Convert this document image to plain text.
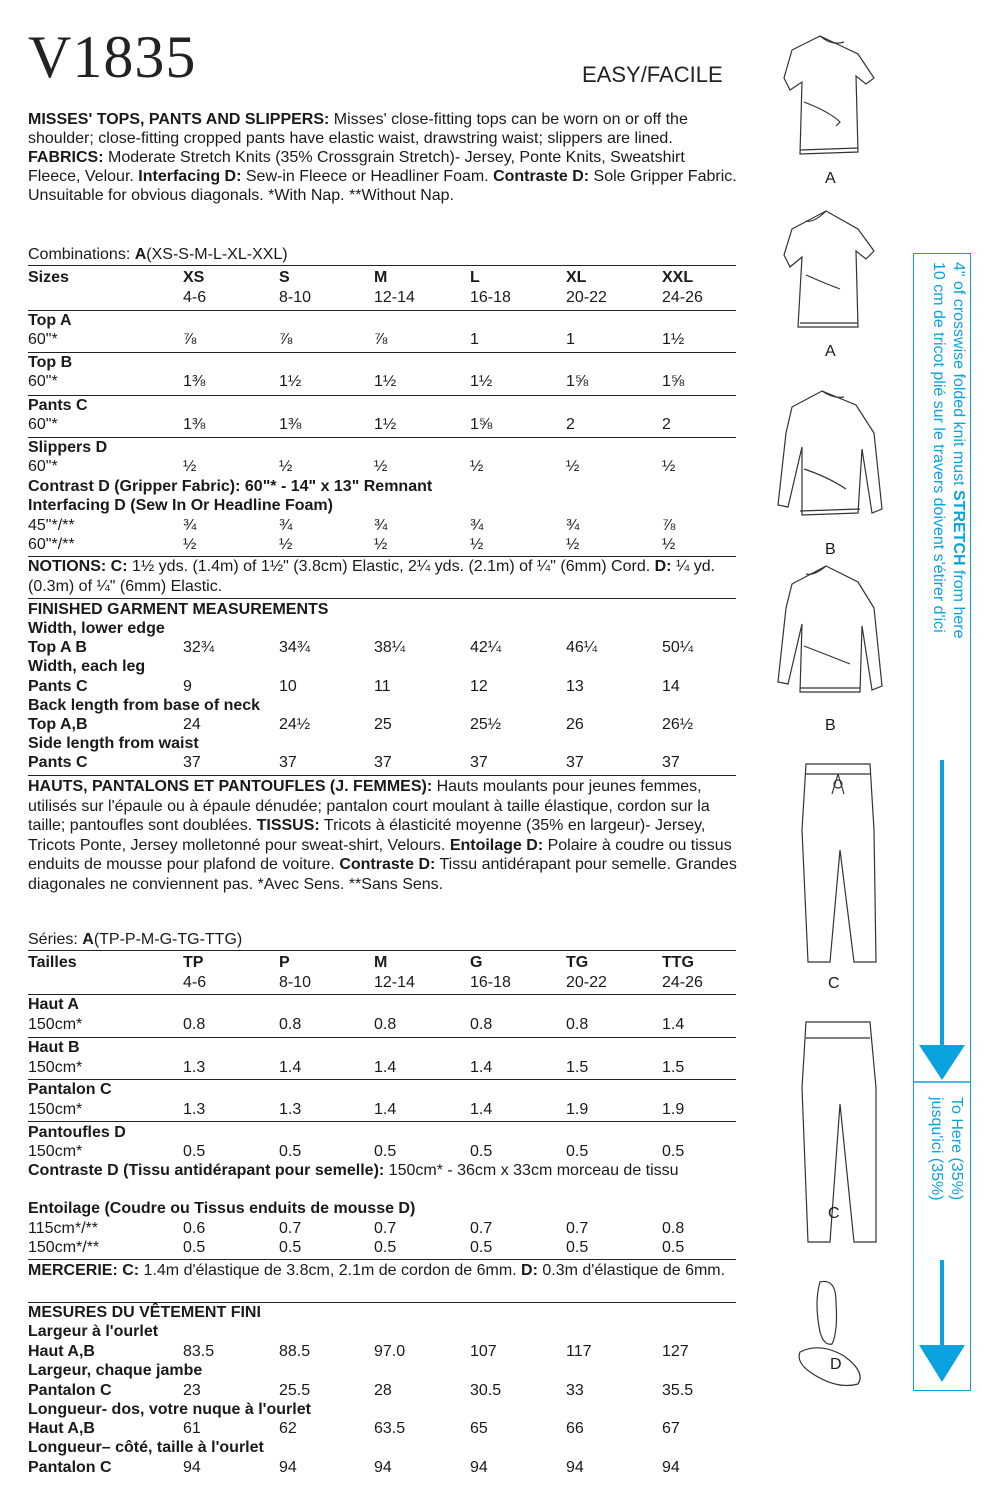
V1835	EASY/FACILE
MISSES' TOPS, PANTS AND SLIPPERS: Misses' close-fitting tops can be worn on or off the shoulder; close-fitting cropped pants have elastic waist, drawstring waist; slippers are lined. FABRICS: Moderate Stretch Knits (35% Crossgrain Stretch)- Jersey, Ponte Knits, Sweatshirt Fleece, Velour. Interfacing D: Sew-in Fleece or Headliner Foam. Contraste D: Sole Gripper Fabric. Unsuitable for obvious diagonals. *With Nap. **Without Nap.
Combinations: A(XS-S-M-L-XL-XXL)
Sizes	XS	S	M	L	XL	XXL
4-6	8-10	12-14	16-18	20-22	24-26
Top A
60"*	⅞	⅞	⅞	1	1	1½
Top B
60"*	1⅜	1½	1½	1½	1⅝	1⅝
Pants C
60"*	1⅜	1⅜	1½	1⅝	2	2
Slippers D
60"*	½	½	½	½	½	½
Contrast D (Gripper Fabric): 60"* - 14" x 13" Remnant
Interfacing D (Sew In Or Headline Foam)
45"*/**	¾	¾	¾	¾	¾	⅞
60"*/**	½	½	½	½	½	½
NOTIONS: C: 1½ yds. (1.4m) of 1½" (3.8cm) Elastic, 2¼ yds. (2.1m) of ¼" (6mm) Cord. D: ¼ yd. (0.3m) of ¼" (6mm) Elastic.
FINISHED GARMENT MEASUREMENTS
Width, lower edge
Top A B	32¾	34¾	38¼	42¼	46¼	50¼
Width, each leg
Pants C	9	10	11	12	13	14
Back length from base of neck
Top A,B	24	24½	25	25½	26	26½
Side length from waist
Pants C	37	37	37	37	37	37
Tailles	TP	P	M	G	TG	TTG
4-6	8-10	12-14	16-18	20-22	24-26
Haut A
150cm*	0.8	0.8	0.8	0.8	0.8	1.4
Haut B
150cm*	1.3	1.4	1.4	1.4	1.5	1.5
Pantalon C
150cm*	1.3	1.3	1.4	1.4	1.9	1.9
Pantoufles D
150cm*	0.5	0.5	0.5	0.5	0.5	0.5
Contraste D (Tissu antidérapant pour semelle): 150cm* - 36cm x 33cm morceau de tissu
Entoilage (Coudre ou Tissus enduits de mousse D)
115cm*/**	0.6	0.7	0.7	0.7	0.7	0.8
150cm*/**	0.5	0.5	0.5	0.5	0.5	0.5
MERCERIE: C: 1.4m d'élastique de 3.8cm, 2.1m de cordon de 6mm. D: 0.3m d'élastique de 6mm.
MESURES DU VÊTEMENT FINI
Largeur à l'ourlet
Haut A,B	83.5	88.5	97.0	107	117	127
Largeur, chaque jambe
Pantalon C	23	25.5	28	30.5	33	35.5
Longueur- dos, votre nuque à l'ourlet
Haut A,B	61	62	63.5	65	66	67
Longueur– côté, taille à l'ourlet
Pantalon C	94	94	94	94	94	94
HAUTS, PANTALONS ET PANTOUFLES (J. FEMMES): Hauts moulants pour jeunes femmes, utilisés sur l'épaule ou à épaule dénudée; pantalon court moulant à taille élastique, cordon sur la taille; pantoufles sont doublées. TISSUS: Tricots à élasticité moyenne (35% en largeur)- Jersey, Tricots Ponte, Jersey molletonné pour sweat-shirt, Velours. Entoilage D: Polaire à coudre ou tissus enduits de mousse pour plafond de voiture. Contraste D: Tissu antidérapant pour semelle. Grandes diagonales ne conviennent pas. *Avec Sens. **Sans Sens.
Séries: A(TP-P-M-G-TG-TTG)
A
A
B
B
C
C
D
4" of crosswise folded knit must STRETCH from here
10 cm de tricot plié sur le travers doivent s'étirer d'ici
To Here (35%)
jusqu'ici (35%)
